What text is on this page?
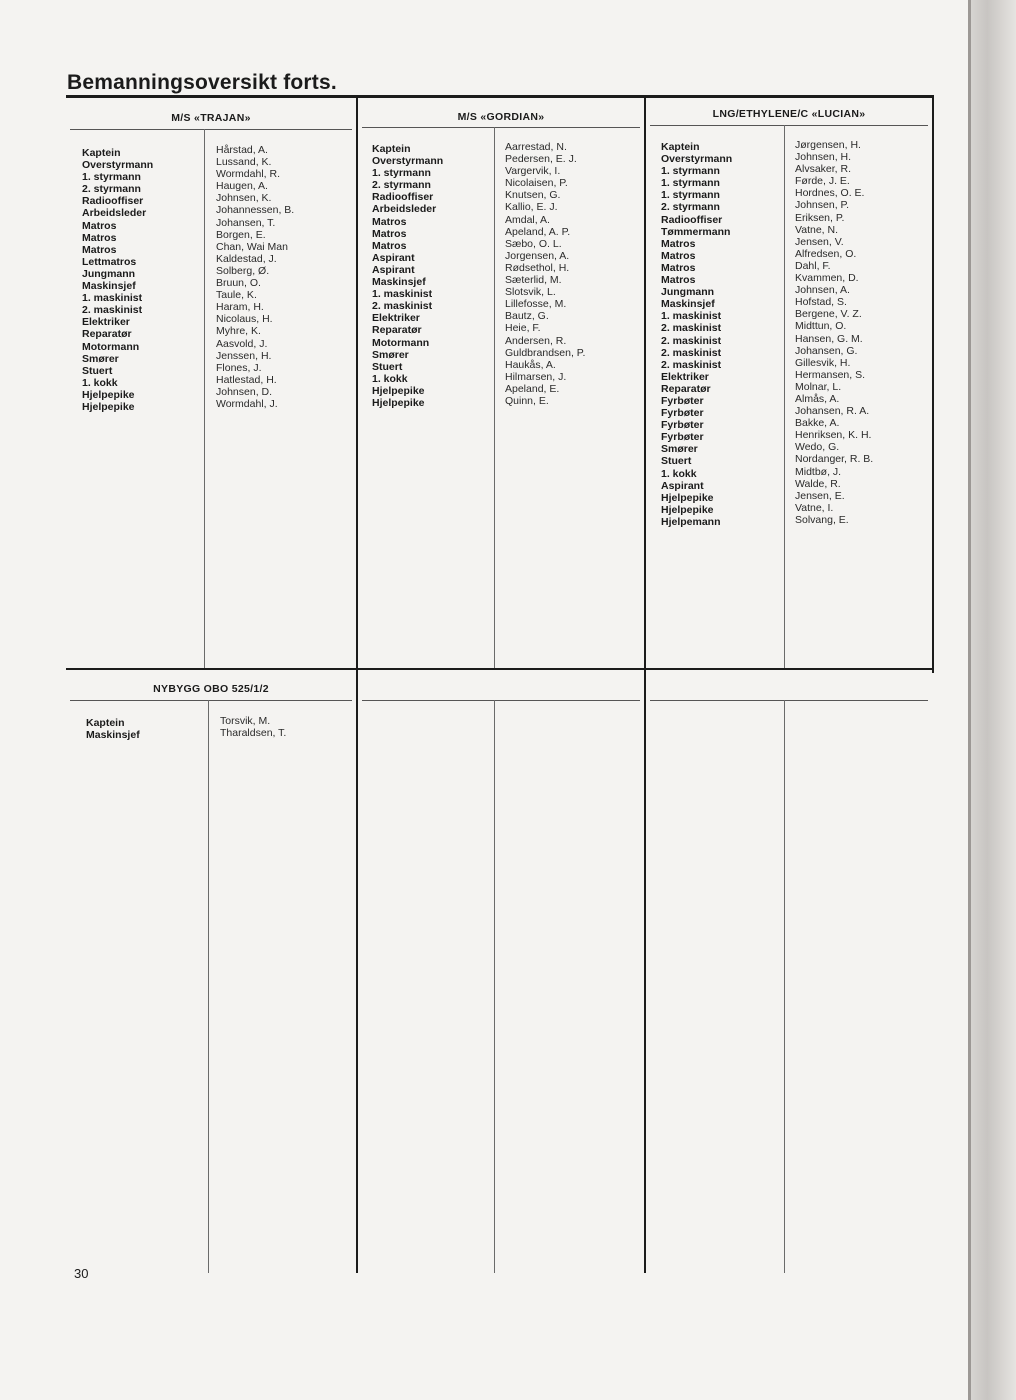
Bemanningsoversikt forts.
M/S «TRAJAN»
Kaptein
Overstyrmann
1. styrmann
2. styrmann
Radiooffiser
Arbeidsleder
Matros
Matros
Matros
Lettmatros
Jungmann
Maskinsjef
1. maskinist
2. maskinist
Elektriker
Reparatør
Motormann
Smører
Stuert
1. kokk
Hjelpepike
Hjelpepike
Hårstad, A.
Lussand, K.
Wormdahl, R.
Haugen, A.
Johnsen, K.
Johannessen, B.
Johansen, T.
Borgen, E.
Chan, Wai Man
Kaldestad, J.
Solberg, Ø.
Bruun, O.
Taule, K.
Haram, H.
Nicolaus, H.
Myhre, K.
Aasvold, J.
Jenssen, H.
Flones, J.
Hatlestad, H.
Johnsen, D.
Wormdahl, J.
M/S «GORDIAN»
Kaptein
Overstyrmann
1. styrmann
2. styrmann
Radiooffiser
Arbeidsleder
Matros
Matros
Matros
Aspirant
Aspirant
Maskinsjef
1. maskinist
2. maskinist
Elektriker
Reparatør
Motormann
Smører
Stuert
1. kokk
Hjelpepike
Hjelpepike
Aarrestad, N.
Pedersen, E. J.
Vargervik, I.
Nicolaisen, P.
Knutsen, G.
Kallio, E. J.
Amdal, A.
Apeland, A. P.
Sæbo, O. L.
Jorgensen, A.
Rødsethol, H.
Sæterlid, M.
Slotsvik, L.
Lillefosse, M.
Bautz, G.
Heie, F.
Andersen, R.
Guldbrandsen, P.
Haukås, A.
Hilmarsen, J.
Apeland, E.
Quinn, E.
LNG/ETHYLENE/C «LUCIAN»
Kaptein
Overstyrmann
1. styrmann
1. styrmann
1. styrmann
2. styrmann
Radiooffiser
Tømmermann
Matros
Matros
Matros
Matros
Jungmann
Maskinsjef
1. maskinist
2. maskinist
2. maskinist
2. maskinist
2. maskinist
Elektriker
Reparatør
Fyrbøter
Fyrbøter
Fyrbøter
Fyrbøter
Smører
Stuert
1. kokk
Aspirant
Hjelpepike
Hjelpepike
Hjelpemann
Jørgensen, H.
Johnsen, H.
Alvsaker, R.
Førde, J. E.
Hordnes, O. E.
Johnsen, P.
Eriksen, P.
Vatne, N.
Jensen, V.
Alfredsen, O.
Dahl, F.
Kvammen, D.
Johnsen, A.
Hofstad, S.
Bergene, V. Z.
Midttun, O.
Hansen, G. M.
Johansen, G.
Gillesvik, H.
Hermansen, S.
Molnar, L.
Almås, A.
Johansen, R. A.
Bakke, A.
Henriksen, K. H.
Wedo, G.
Nordanger, R. B.
Midtbø, J.
Walde, R.
Jensen, E.
Vatne, I.
Solvang, E.
NYBYGG OBO 525/1/2
Kaptein
Maskinsjef
Torsvik, M.
Tharaldsen, T.
30
